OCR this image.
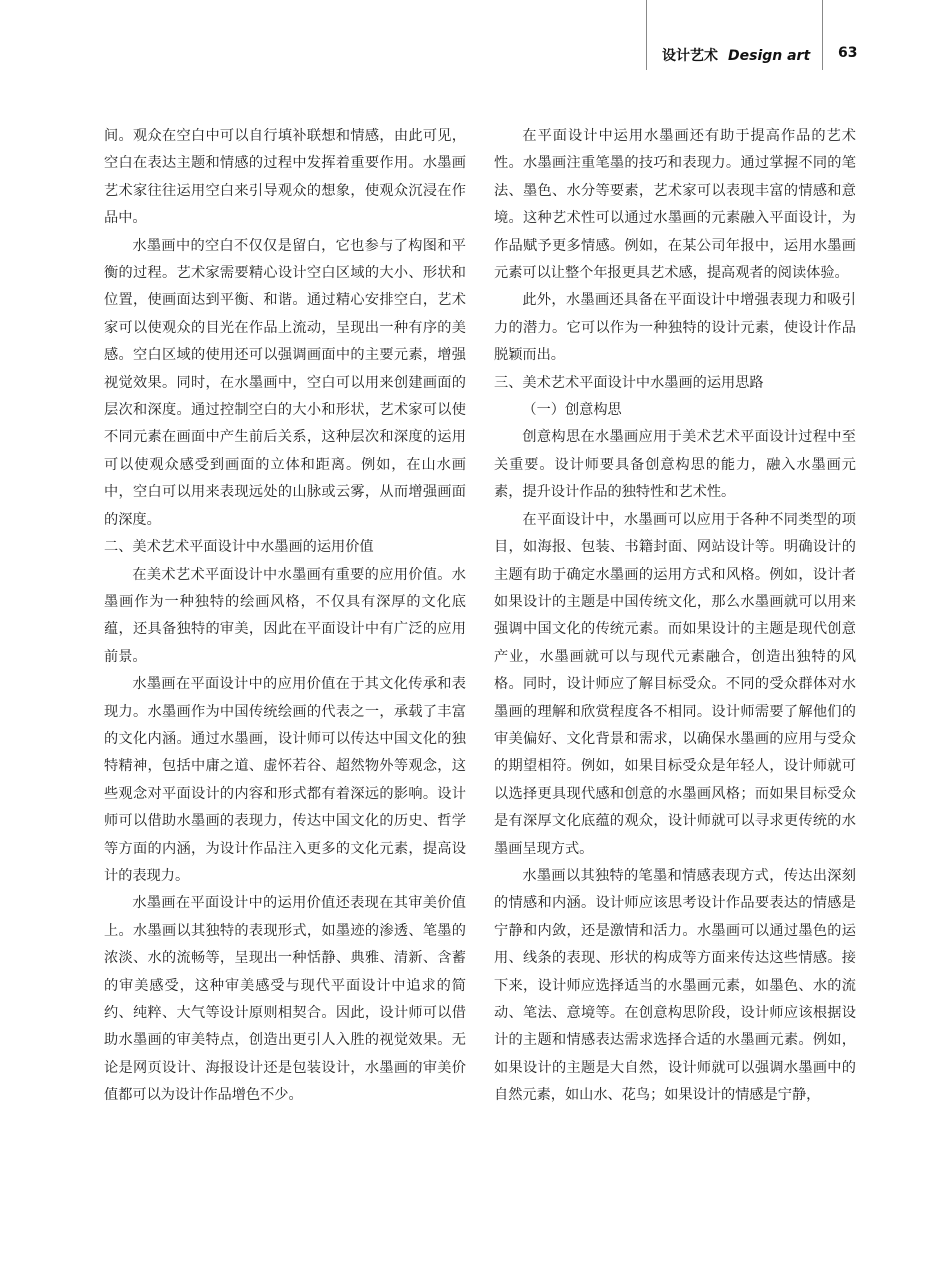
设计艺术 Design art 63

间。观众在空白中可以自行填补联想和情感，由此可见，空白在表达主题和情感的过程中发挥着重要作用。水墨画艺术家往往运用空白来引导观众的想象，使观众沉浸在作品中。

水墨画中的空白不仅仅是留白，它也参与了构图和平衡的过程。艺术家需要精心设计空白区域的大小、形状和位置，使画面达到平衡、和谐。通过精心安排空白，艺术家可以使观众的目光在作品上流动，呈现出一种有序的美感。空白区域的使用还可以强调画面中的主要元素，增强视觉效果。同时，在水墨画中，空白可以用来创建画面的层次和深度。通过控制空白的大小和形状，艺术家可以使不同元素在画面中产生前后关系，这种层次和深度的运用可以使观众感受到画面的立体和距离。例如，在山水画中，空白可以用来表现远处的山脉或云雾，从而增强画面的深度。

二、美术艺术平面设计中水墨画的运用价值

在美术艺术平面设计中水墨画有重要的应用价值。水墨画作为一种独特的绘画风格，不仅具有深厚的文化底蕴，还具备独特的审美，因此在平面设计中有广泛的应用前景。

水墨画在平面设计中的应用价值在于其文化传承和表现力。水墨画作为中国传统绘画的代表之一，承载了丰富的文化内涵。通过水墨画，设计师可以传达中国文化的独特精神，包括中庸之道、虚怀若谷、超然物外等观念，这些观念对平面设计的内容和形式都有着深远的影响。设计师可以借助水墨画的表现力，传达中国文化的历史、哲学等方面的内涵，为设计作品注入更多的文化元素，提高设计的表现力。

水墨画在平面设计中的运用价值还表现在其审美价值上。水墨画以其独特的表现形式，如墨迹的渗透、笔墨的浓淡、水的流畅等，呈现出一种恬静、典雅、清新、含蓄的审美感受，这种审美感受与现代平面设计中追求的简约、纯粹、大气等设计原则相契合。因此，设计师可以借助水墨画的审美特点，创造出更引人入胜的视觉效果。无论是网页设计、海报设计还是包装设计，水墨画的审美价值都可以为设计作品增色不少。

在平面设计中运用水墨画还有助于提高作品的艺术性。水墨画注重笔墨的技巧和表现力。通过掌握不同的笔法、墨色、水分等要素，艺术家可以表现丰富的情感和意境。这种艺术性可以通过水墨画的元素融入平面设计，为作品赋予更多情感。例如，在某公司年报中，运用水墨画元素可以让整个年报更具艺术感，提高观者的阅读体验。

此外，水墨画还具备在平面设计中增强表现力和吸引力的潜力。它可以作为一种独特的设计元素，使设计作品脱颖而出。

三、美术艺术平面设计中水墨画的运用思路
（一）创意构思

创意构思在水墨画应用于美术艺术平面设计过程中至关重要。设计师要具备创意构思的能力，融入水墨画元素，提升设计作品的独特性和艺术性。

在平面设计中，水墨画可以应用于各种不同类型的项目，如海报、包装、书籍封面、网站设计等。明确设计的主题有助于确定水墨画的运用方式和风格。例如，设计者如果设计的主题是中国传统文化，那么水墨画就可以用来强调中国文化的传统元素。而如果设计的主题是现代创意产业，水墨画就可以与现代元素融合，创造出独特的风格。同时，设计师应了解目标受众。不同的受众群体对水墨画的理解和欣赏程度各不相同。设计师需要了解他们的审美偏好、文化背景和需求，以确保水墨画的应用与受众的期望相符。例如，如果目标受众是年轻人，设计师就可以选择更具现代感和创意的水墨画风格；而如果目标受众是有深厚文化底蕴的观众，设计师就可以寻求更传统的水墨画呈现方式。

水墨画以其独特的笔墨和情感表现方式，传达出深刻的情感和内涵。设计师应该思考设计作品要表达的情感是宁静和内敛，还是激情和活力。水墨画可以通过墨色的运用、线条的表现、形状的构成等方面来传达这些情感。接下来，设计师应选择适当的水墨画元素，如墨色、水的流动、笔法、意境等。在创意构思阶段，设计师应该根据设计的主题和情感表达需求选择合适的水墨画元素。例如，如果设计的主题是大自然，设计师就可以强调水墨画中的自然元素，如山水、花鸟；如果设计的情感是宁静，
